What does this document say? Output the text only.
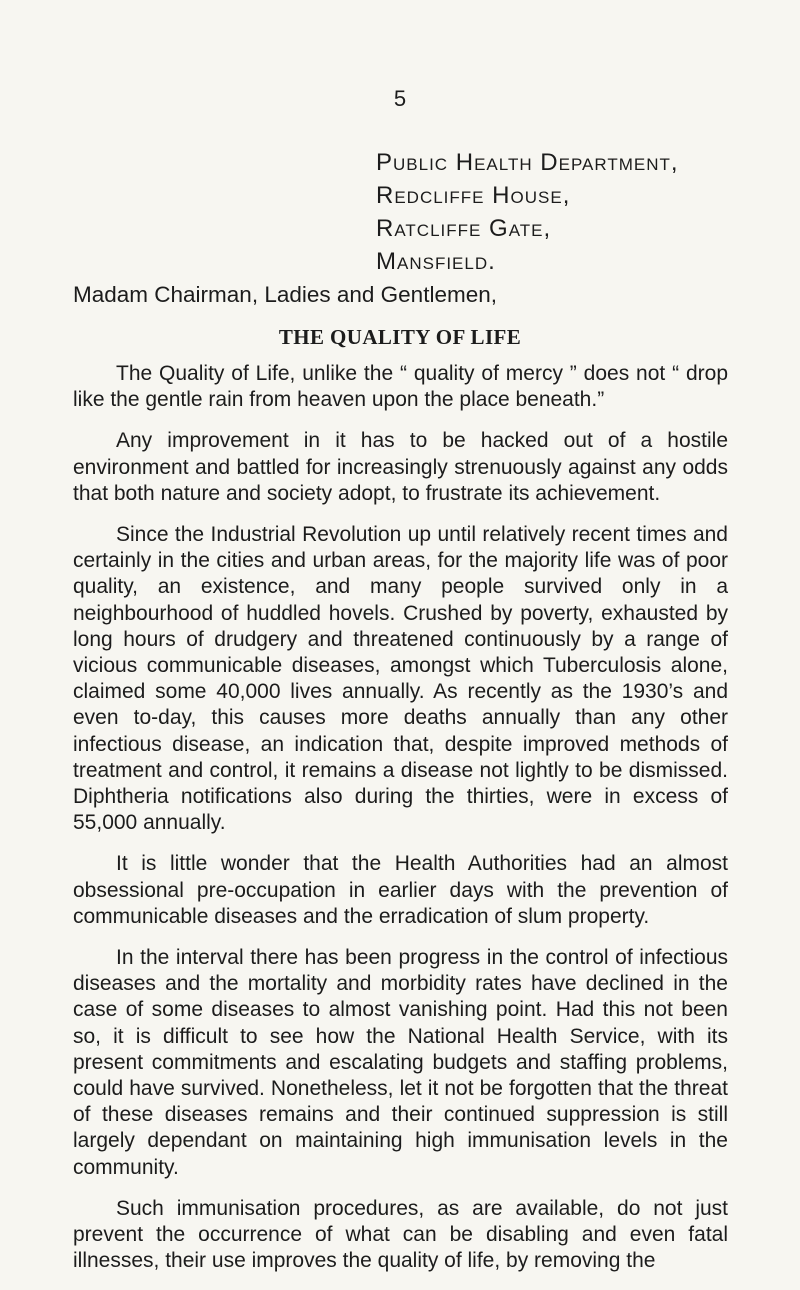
5
Public Health Department,
Redcliffe House,
Ratcliffe Gate,
Mansfield.
Madam Chairman, Ladies and Gentlemen,
THE QUALITY OF LIFE

The Quality of Life, unlike the “ quality of mercy ” does not “ drop like the gentle rain from heaven upon the place beneath.”

Any improvement in it has to be hacked out of a hostile environment and battled for increasingly strenuously against any odds that both nature and society adopt, to frustrate its achievement.

Since the Industrial Revolution up until relatively recent times and certainly in the cities and urban areas, for the majority life was of poor quality, an existence, and many people survived only in a neighbourhood of huddled hovels. Crushed by poverty, exhausted by long hours of drudgery and threatened continuously by a range of vicious communicable diseases, amongst which Tuberculosis alone, claimed some 40,000 lives annually. As recently as the 1930’s and even to-day, this causes more deaths annually than any other infectious disease, an indication that, despite improved methods of treatment and control, it remains a disease not lightly to be dismissed. Diphtheria notifications also during the thirties, were in excess of 55,000 annually.

It is little wonder that the Health Authorities had an almost obsessional pre-occupation in earlier days with the prevention of communicable diseases and the erradication of slum property.

In the interval there has been progress in the control of infectious diseases and the mortality and morbidity rates have declined in the case of some diseases to almost vanishing point. Had this not been so, it is difficult to see how the National Health Service, with its present commitments and escalating budgets and staffing problems, could have survived. Nonetheless, let it not be forgotten that the threat of these diseases remains and their continued suppression is still largely dependant on maintaining high immunisation levels in the community.

Such immunisation procedures, as are available, do not just prevent the occurrence of what can be disabling and even fatal illnesses, their use improves the quality of life, by removing the
